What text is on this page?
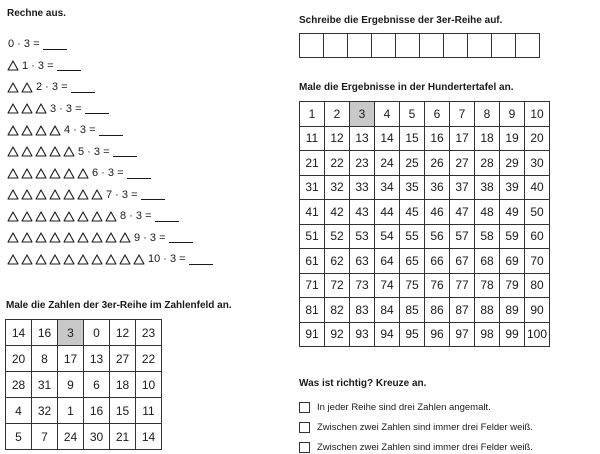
Rechne aus.
0 · 3 =
1 · 3 =
2 · 3 =
3 · 3 =
4 · 3 =
5 · 3 =
6 · 3 =
7 · 3 =
8 · 3 =
9 · 3 =
10 · 3 =
Male die Zahlen der 3er-Reihe im Zahlenfeld an.
14	16	3	0	12	23
20	8	17	13	27	22
28	31	9	6	18	10
4	32	1	16	15	11
5	7	24	30	21	14
Schreibe die Ergebnisse der 3er-Reihe auf.
Male die Ergebnisse in der Hundertertafel an.
1	2	3	4	5	6	7	8	9	10
11	12	13	14	15	16	17	18	19	20
21	22	23	24	25	26	27	28	29	30
31	32	33	34	35	36	37	38	39	40
41	42	43	44	45	46	47	48	49	50
51	52	53	54	55	56	57	58	59	60
61	62	63	64	65	66	67	68	69	70
71	72	73	74	75	76	77	78	79	80
81	82	83	84	85	86	87	88	89	90
91	92	93	94	95	96	97	98	99	100
Was ist richtig? Kreuze an.
In jeder Reihe sind drei Zahlen angemalt.
Zwischen zwei Zahlen sind immer drei Felder weiß.
Zwischen zwei Zahlen sind immer drei Felder weiß.
